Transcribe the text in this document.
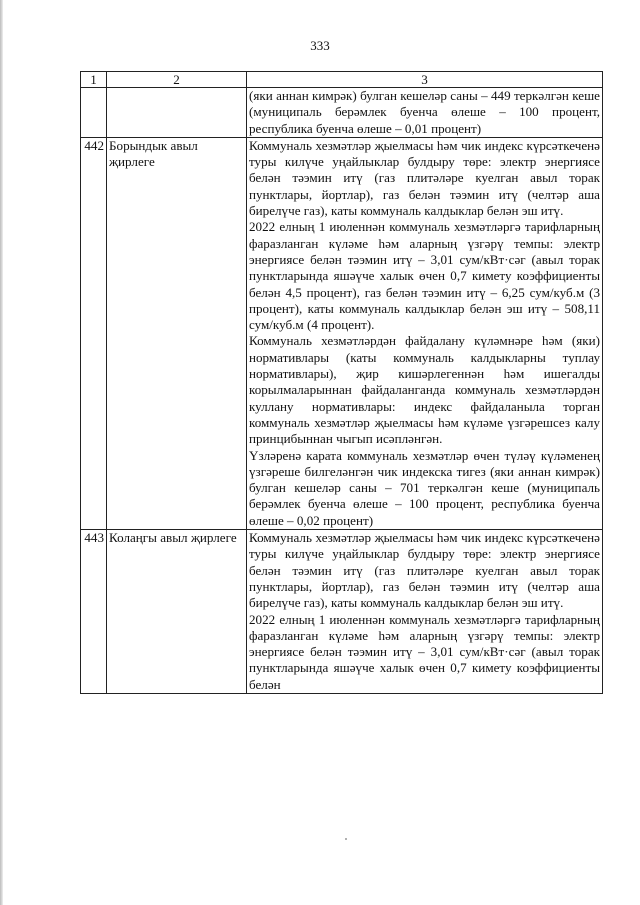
333
1	2	3

		(яки аннан кимрәк) булган кешеләр саны – 449 теркәлгән кеше (муниципаль берәмлек буенча өлеше – 100 процент, республика буенча өлеше – 0,01 процент)

442	Борындык авыл җирлеге	Коммуналь хезмәтләр җыелмасы һәм чик индекс күрсәткеченә туры килүче уңайлыклар булдыру төре: электр энергиясе белән тәэмин итү (газ плитәләре куелган авыл торак пунктлары, йортлар), газ белән тәэмин итү (челтәр аша бирелүче газ), каты коммуналь калдыклар белән эш итү.

2022 елның 1 июленнән коммуналь хезмәтләргә тарифларның фаразланган күләме һәм аларның үзгәрү темпы: электр энергиясе белән тәэмин итү – 3,01 сум/кВт·сәг (авыл торак пунктларында яшәүче халык өчен 0,7 кимету коэффициенты белән 4,5 процент), газ белән тәэмин итү – 6,25 сум/куб.м (3 процент), каты коммуналь калдыклар белән эш итү – 508,11 сум/куб.м (4 процент).

Коммуналь хезмәтләрдән файдалану күләмнәре һәм (яки) нормативлары (каты коммуналь калдыкларны туплау нормативлары), җир кишәрлегеннән һәм ишегалды корылмаларыннан файдаланганда коммуналь хезмәтләрдән куллану нормативлары: индекс файдаланыла торган коммуналь хезмәтләр җыелмасы һәм күләме үзгәрешсез калу принцибыннан чыгып исәпләнгән.

Үзләренә карата коммуналь хезмәтләр өчен түләү күләменең үзгәреше билгеләнгән чик индекска тигез (яки аннан кимрәк) булган кешеләр саны – 701 теркәлгән кеше (муниципаль берәмлек буенча өлеше – 100 процент, республика буенча өлеше – 0,02 процент)

443	Колаңгы авыл җирлеге	Коммуналь хезмәтләр җыелмасы һәм чик индекс күрсәткеченә туры килүче уңайлыклар булдыру төре: электр энергиясе белән тәэмин итү (газ плитәләре куелган авыл торак пунктлары, йортлар), газ белән тәэмин итү (челтәр аша бирелүче газ), каты коммуналь калдыклар белән эш итү.

2022 елның 1 июленнән коммуналь хезмәтләргә тарифларның фаразланган күләме һәм аларның үзгәрү темпы: электр энергиясе белән тәэмин итү – 3,01 сум/кВт·сәг (авыл торак пунктларында яшәүче халык өчен 0,7 кимету коэффициенты белән
